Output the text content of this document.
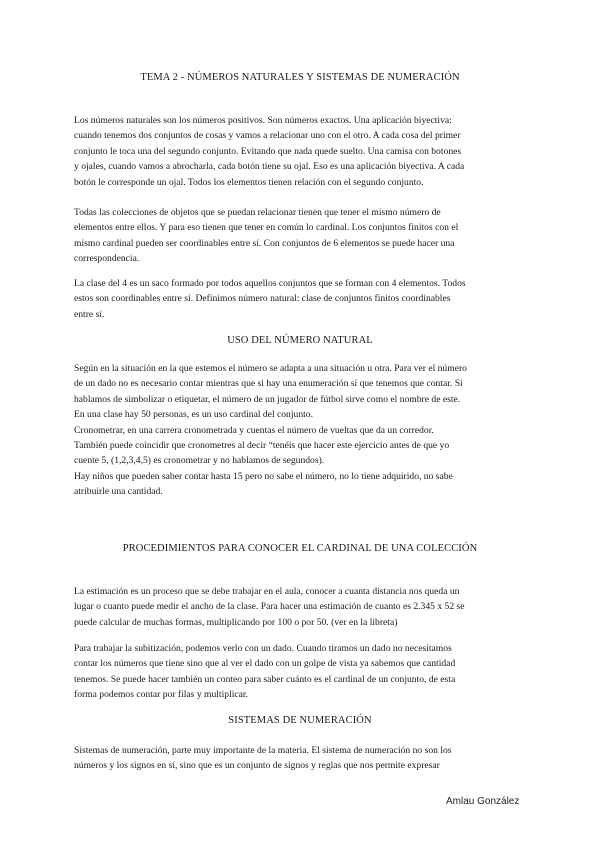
TEMA 2 - NÚMEROS NATURALES Y SISTEMAS DE NUMERACIÓN

Los números naturales son los números positivos. Son números exactos. Una aplicación biyectiva:
cuando tenemos dos conjuntos de cosas y vamos a relacionar uno con el otro. A cada cosa del primer
conjunto le toca una del segundo conjunto. Evitando que nada quede suelto. Una camisa con botones
y ojales, cuando vamos a abrocharla, cada botón tiene su ojal. Eso es una aplicación biyectiva. A cada
botón le corresponde un ojal. Todos los elementos tienen relación con el segundo conjunto.

Todas las colecciones de objetos que se puedan relacionar tienen que tener el mismo número de
elementos entre ellos. Y para eso tienen que tener en común lo cardinal. Los conjuntos finitos con el
mismo cardinal pueden ser coordinables entre sí. Con conjuntos de 6 elementos se puede hacer una
correspondencia.

La clase del 4 es un saco formado por todos aquellos conjuntos que se forman con 4 elementos. Todos
estos son coordinables entre sí. Definimos número natural: clase de conjuntos finitos coordinables
entre sí.

USO DEL NÚMERO NATURAL

Según en la situación en la que estemos el número se adapta a una situación u otra. Para ver el número
de un dado no es necesario contar mientras que si hay una enumeración sí que tenemos que contar. Si
hablamos de simbolizar o etiquetar, el número de un jugador de fútbol sirve como el nombre de este.
En una clase hay 50 personas, es un uso cardinal del conjunto.
Cronometrar, en una carrera cronometrada y cuentas el número de vueltas que da un corredor.
También puede coincidir que cronometres al decir “tenéis que hacer este ejercicio antes de que yo
cuente 5, (1,2,3,4,5) es cronometrar y no hablamos de segundos).
Hay niños que pueden saber contar hasta 15 pero no sabe el número, no lo tiene adquirido, no sabe
atribuirle una cantidad.

PROCEDIMIENTOS PARA CONOCER EL CARDINAL DE UNA COLECCIÓN

La estimación es un proceso que se debe trabajar en el aula, conocer a cuanta distancia nos queda un
lugar o cuanto puede medir el ancho de la clase. Para hacer una estimación de cuanto es 2.345 x 52 se
puede calcular de muchas formas, multiplicando por 100 o por 50. (ver en la libreta)

Para trabajar la subitización, podemos verlo con un dado. Cuando tiramos un dado no necesitamos
contar los números que tiene sino que al ver el dado con un golpe de vista ya sabemos que cantidad
tenemos. Se puede hacer también un conteo para saber cuánto es el cardinal de un conjunto, de esta
forma podemos contar por filas y multiplicar.

SISTEMAS DE NUMERACIÓN

Sistemas de numeración, parte muy importante de la materia. El sistema de numeración no son los
números y los signos en sí, sino que es un conjunto de signos y reglas que nos permite expresar

Amlau González
